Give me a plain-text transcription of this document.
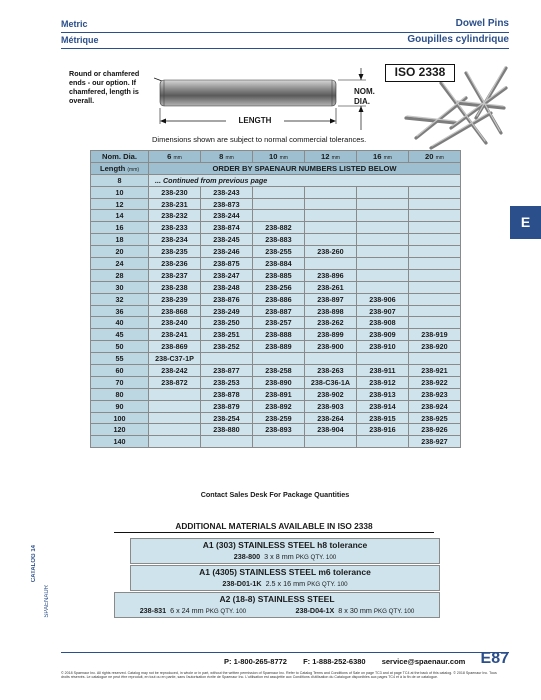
Metric
Métrique
Dowel Pins
Goupilles cylindrique
Round or chamfered ends - our option. If chamfered, length is overall.
NOM.
DIA.
LENGTH
ISO 2338
Dimensions shown are subject to normal commercial tolerances.
Nom. Dia.	6 mm	8 mm	10 mm	12 mm	16 mm	20 mm
Length (mm)	ORDER BY SPAENAUR NUMBERS LISTED BELOW					
8	... Continued from previous page					
10	238-230	238-243				
12	238-231	238-873				
14	238-232	238-244				
16	238-233	238-874	238-882			
18	238-234	238-245	238-883			
20	238-235	238-246	238-255	238-260		
24	238-236	238-875	238-884			
28	238-237	238-247	238-885	238-896		
30	238-238	238-248	238-256	238-261		
32	238-239	238-876	238-886	238-897	238-906	
36	238-868	238-249	238-887	238-898	238-907	
40	238-240	238-250	238-257	238-262	238-908	
45	238-241	238-251	238-888	238-899	238-909	238-919
50	238-869	238-252	238-889	238-900	238-910	238-920
55	238-C37-1P					
60	238-242	238-877	238-258	238-263	238-911	238-921
70	238-872	238-253	238-890	238-C36-1A	238-912	238-922
80		238-878	238-891	238-902	238-913	238-923
90		238-879	238-892	238-903	238-914	238-924
100		238-254	238-259	238-264	238-915	238-925
120		238-880	238-893	238-904	238-916	238-926
140						238-927
Contact Sales Desk For Package Quantities
ADDITIONAL MATERIALS AVAILABLE IN ISO 2338
A1 (303) STAINLESS STEEL h8 tolerance
238-800 3 x 8 mm PKG QTY. 100
A1 (4305) STAINLESS STEEL m6 tolerance
238-D01-1K 2.5 x 16 mm PKG QTY. 100
A2 (18-8) STAINLESS STEEL
238-831 6 x 24 mm PKG QTY. 100	238-D04-1X 8 x 30 mm PKG QTY. 100
E
CATALOG 14
SPAENAUR
P: 1-800-265-8772 F: 1-888-252-6380 service@spaenaur.com E87
© 2018 Spaenaur Inc. All rights reserved. Catalog may not be reproduced, in whole or in part, without the written permission of Spaenaur Inc. Refer to Catalog Terms and Conditions of Sale on page TC3 and at page TC4 at the back of this catalog. © 2018 Spaenaur Inc. Tous droits réservés. Le catalogue ne peut être reproduit, en tout ou en partie, sans l'autorisation écrite de Spaenaur Inc. L'utilisation est assujettie aux Conditions d'utilisation du Catalogue disponibles aux pages TC4 et à la fin de ce catalogue.
